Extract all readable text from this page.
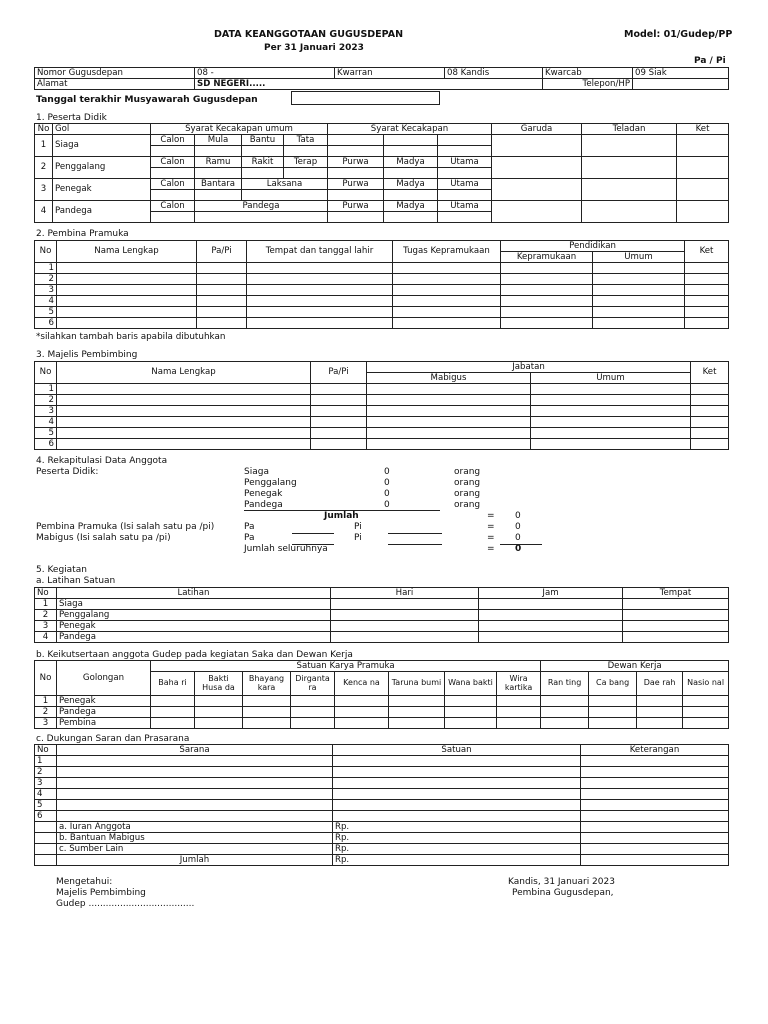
DATA KEANGGOTAAN GUGUSDEPAN
Per 31 Januari 2023
Model: 01/Gudep/PP
Pa / Pi
Nomor Gugusdepan	08 -	Kwarran	08 Kandis	Kwarcab	09 Siak
Alamat	SD NEGERI.....			Telepon/HP	
Tanggal terakhir Musyawarah Gugusdepan
1. Peserta Didik
No	Gol	Syarat Kecakapan umum				Syarat Kecakapan			Garuda	Teladan	Ket
1	Siaga	Calon	Mula	Bantu	Tata						

2	Penggalang	Calon	Ramu	Rakit	Terap	Purwa	Madya	Utama			

3	Penegak	Calon	Bantara	Laksana		Purwa	Madya	Utama			

4	Pandega	Calon	Pandega			Purwa	Madya	Utama			

2. Pembina Pramuka
No	Nama Lengkap	Pa/Pi	Tempat dan tanggal lahir	Tugas Kepramukaan	Pendidikan		Ket
					Kepramukaan	Umum	
1							
2							
3							
4							
5							
6							
*silahkan tambah baris apabila dibutuhkan
3. Majelis Pembimbing
No	Nama Lengkap	Pa/Pi	Jabatan		Ket
			Mabigus	Umum	
1					
2					
3					
4					
5					
6					
4. Rekapitulasi Data Anggota
Peserta Didik:	Siaga	0	orang
Penggalang	0	orang
Penegak	0	orang
Pandega	0	orang
Jumlah	= 0
Pembina Pramuka (Isi salah satu pa /pi)	Pa	Pi	= 0
Mabigus (Isi salah satu pa /pi)	Pa	Pi	= 0
Jumlah seluruhnya	= 0
5. Kegiatan
a. Latihan Satuan
No	Latihan	Hari	Jam	Tempat
1	Siaga			
2	Penggalang			
3	Penegak			
4	Pandega			
b. Keikutsertaan anggota Gudep pada kegiatan Saka dan Dewan Kerja
No	Golongan	Satuan Karya Pramuka								Dewan Kerja			
		Baha ri	Bakti Husa da	Bhayang kara	Dirganta ra	Kenca na	Taruna bumi	Wana bakti	Wira kartika	Ran ting	Ca bang	Dae rah	Nasio nal
1	Penegak												
2	Pandega												
3	Pembina												
c. Dukungan Saran dan Prasarana
No	Sarana	Satuan	Keterangan
1			
2			
3			
4			
5			
6			
	a. Iuran Anggota	Rp.	
	b. Bantuan Mabigus	Rp.	
	c. Sumber Lain	Rp.	
	Jumlah	Rp.	
Mengetahui:
Majelis Pembimbing
Gudep .....................................
Kandis, 31 Januari 2023
Pembina Gugusdepan,
